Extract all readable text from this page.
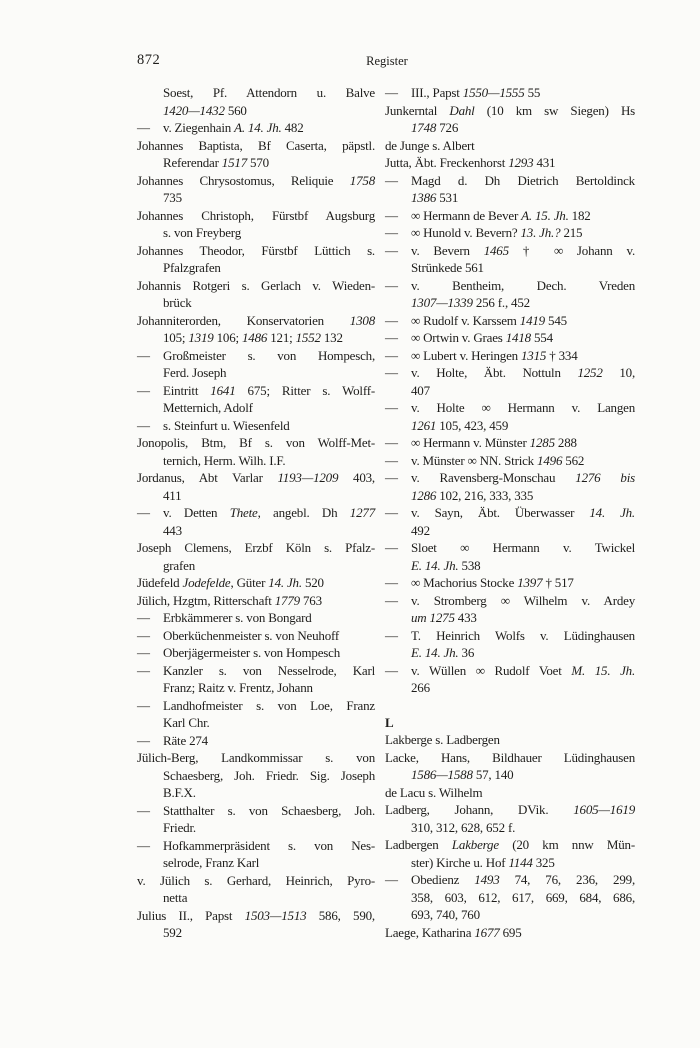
872	Register
Soest, Pf. Attendorn u. Balve
1420—1432 560
— v. Ziegenhain A. 14. Jh. 482
Johannes Baptista, Bf Caserta, päpstl.
Referendar 1517 570
Johannes Chrysostomus, Reliquie 1758
735
Johannes Christoph, Fürstbf Augsburg
s. von Freyberg
Johannes Theodor, Fürstbf Lüttich s.
Pfalzgrafen
Johannis Rotgeri s. Gerlach v. Wieden-
brück
Johanniterorden, Konservatorien 1308
105; 1319 106; 1486 121; 1552 132
— Großmeister s. von Hompesch,
Ferd. Joseph
— Eintritt 1641 675; Ritter s. Wolff-
Metternich, Adolf
— s. Steinfurt u. Wiesenfeld
Jonopolis, Btm, Bf s. von Wolff-Met-
ternich, Herm. Wilh. I.F.
Jordanus, Abt Varlar 1193—1209 403,
411
— v. Detten Thete, angebl. Dh 1277
443
Joseph Clemens, Erzbf Köln s. Pfalz-
grafen
Jüdefeld Jodefelde, Güter 14. Jh. 520
Jülich, Hzgtm, Ritterschaft 1779 763
— Erbkämmerer s. von Bongard
— Oberküchenmeister s. von Neuhoff
— Oberjägermeister s. von Hompesch
— Kanzler s. von Nesselrode, Karl
Franz; Raitz v. Frentz, Johann
— Landhofmeister s. von Loe, Franz
Karl Chr.
— Räte 274
Jülich-Berg, Landkommissar s. von
Schaesberg, Joh. Friedr. Sig. Joseph
B.F.X.
— Statthalter s. von Schaesberg, Joh.
Friedr.
— Hofkammerpräsident s. von Nes-
selrode, Franz Karl
v. Jülich s. Gerhard, Heinrich, Pyro-
netta
Julius II., Papst 1503—1513 586, 590,
592
— III., Papst 1550—1555 55
Junkerntal Dahl (10 km sw Siegen) Hs
1748 726
de Junge s. Albert
Jutta, Äbt. Freckenhorst 1293 431
— Magd d. Dh Dietrich Bertoldinck
1386 531
— ∞ Hermann de Bever A. 15. Jh. 182
— ∞ Hunold v. Bevern? 13. Jh.? 215
— v. Bevern 1465 † ∞ Johann v.
Strünkede 561
— v. Bentheim, Dech. Vreden
1307—1339 256 f., 452
— ∞ Rudolf v. Karssem 1419 545
— ∞ Ortwin v. Graes 1418 554
— ∞ Lubert v. Heringen 1315 † 334
— v. Holte, Äbt. Nottuln 1252 10,
407
— v. Holte ∞ Hermann v. Langen
1261 105, 423, 459
— ∞ Hermann v. Münster 1285 288
— v. Münster ∞ NN. Strick 1496 562
— v. Ravensberg-Monschau 1276 bis
1286 102, 216, 333, 335
— v. Sayn, Äbt. Überwasser 14. Jh.
492
— Sloet ∞ Hermann v. Twickel
E. 14. Jh. 538
— ∞ Machorius Stocke 1397 † 517
— v. Stromberg ∞ Wilhelm v. Ardey
um 1275 433
— T. Heinrich Wolfs v. Lüdinghausen
E. 14. Jh. 36
— v. Wüllen ∞ Rudolf Voet M. 15. Jh.
266
L
Lakberge s. Ladbergen
Lacke, Hans, Bildhauer Lüdinghausen
1586—1588 57, 140
de Lacu s. Wilhelm
Ladberg, Johann, DVik. 1605—1619
310, 312, 628, 652 f.
Ladbergen Lakberge (20 km nnw Mün-
ster) Kirche u. Hof 1144 325
— Obedienz 1493 74, 76, 236, 299,
358, 603, 612, 617, 669, 684, 686,
693, 740, 760
Laege, Katharina 1677 695
